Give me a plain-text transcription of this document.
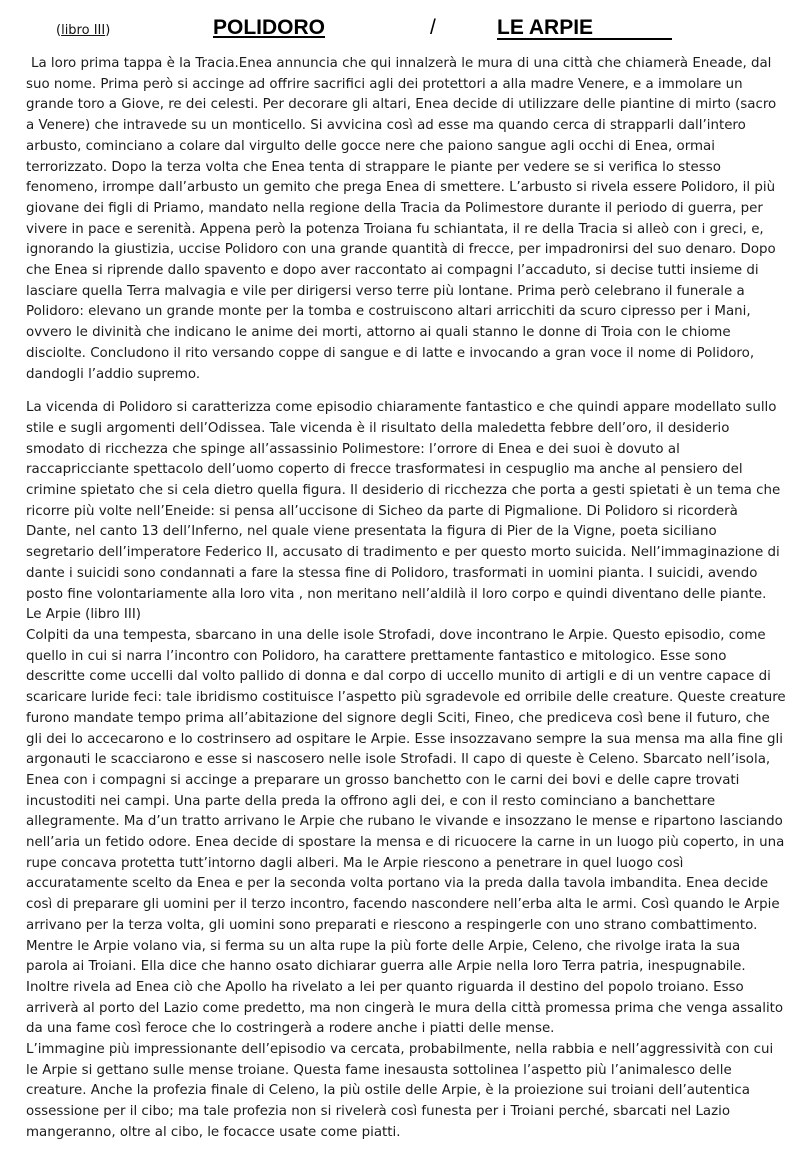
(libro III)	POLIDORO	/	LE ARPIE

La loro prima tappa è la Tracia.Enea annuncia che qui innalzerà le mura di una città che chiamerà Eneade, dal suo nome. Prima però si accinge ad offrire sacrifici agli dei protettori a alla madre Venere, e a immolare un grande toro a Giove, re dei celesti. Per decorare gli altari, Enea decide di utilizzare delle piantine di mirto (sacro a Venere) che intravede su un monticello. Si avvicina così ad esse ma quando cerca di strapparli dall’intero arbusto, cominciano a colare dal virgulto delle gocce nere che paiono sangue agli occhi di Enea, ormai terrorizzato. Dopo la terza volta che Enea tenta di strappare le piante per vedere se si verifica lo stesso fenomeno, irrompe dall’arbusto un gemito che prega Enea di smettere. L’arbusto si rivela essere Polidoro, il più giovane dei figli di Priamo, mandato nella regione della Tracia da Polimestore durante il periodo di guerra, per vivere in pace e serenità. Appena però la potenza Troiana fu schiantata, il re della Tracia si alleò con i greci, e, ignorando la giustizia, uccise Polidoro con una grande quantità di frecce, per impadronirsi del suo denaro. Dopo che Enea si riprende dallo spavento e dopo aver raccontato ai compagni l’accaduto, si decise tutti insieme di lasciare quella Terra malvagia e vile per dirigersi verso terre più lontane. Prima però celebrano il funerale a Polidoro: elevano un grande monte per la tomba e costruiscono altari arricchiti da scuro cipresso per i Mani, ovvero le divinità che indicano le anime dei morti, attorno ai quali stanno le donne di Troia con le chiome disciolte. Concludono il rito versando coppe di sangue e di latte e invocando a gran voce il nome di Polidoro, dandogli l’addio supremo.

La vicenda di Polidoro si caratterizza come episodio chiaramente fantastico e che quindi appare modellato sullo stile e sugli argomenti dell’Odissea. Tale vicenda è il risultato della maledetta febbre dell’oro, il desiderio smodato di ricchezza che spinge all’assassinio Polimestore: l’orrore di Enea e dei suoi è dovuto al raccapricciante spettacolo dell’uomo coperto di frecce trasformatesi in cespuglio ma anche al pensiero del crimine spietato che si cela dietro quella figura. Il desiderio di ricchezza che porta a gesti spietati è un tema che ricorre più volte nell’Eneide: si pensa all’uccisone di Sicheo da parte di Pigmalione. Di Polidoro si ricorderà Dante, nel canto 13 dell’Inferno, nel quale viene presentata la figura di Pier de la Vigne, poeta siciliano segretario dell’imperatore Federico II, accusato di tradimento e per questo morto suicida. Nell’immaginazione di dante i suicidi sono condannati a fare la stessa fine di Polidoro, trasformati in uomini pianta. I suicidi, avendo posto fine volontariamente alla loro vita , non meritano nell’aldilà il loro corpo e quindi diventano delle piante. Le Arpie (libro III)

Colpiti da una tempesta, sbarcano in una delle isole Strofadi, dove incontrano le Arpie. Questo episodio, come quello in cui si narra l’incontro con Polidoro, ha carattere prettamente fantastico e mitologico. Esse sono descritte come uccelli dal volto pallido di donna e dal corpo di uccello munito di artigli e di un ventre capace di scaricare luride feci: tale ibridismo costituisce l’aspetto più sgradevole ed orribile delle creature. Queste creature furono mandate tempo prima all’abitazione del signore degli Sciti, Fineo, che prediceva così bene il futuro, che gli dei lo accecarono e lo costrinsero ad ospitare le Arpie. Esse insozzavano sempre la sua mensa ma alla fine gli argonauti le scacciarono e esse si nascosero nelle isole Strofadi. Il capo di queste è Celeno. Sbarcato nell’isola, Enea con i compagni si accinge a preparare un grosso banchetto con le carni dei bovi e delle capre trovati incustoditi nei campi. Una parte della preda la offrono agli dei, e con il resto cominciano a banchettare allegramente. Ma d’un tratto arrivano le Arpie che rubano le vivande e insozzano le mense e ripartono lasciando nell’aria un fetido odore. Enea decide di spostare la mensa e di ricuocere la carne in un luogo più coperto, in una rupe concava protetta tutt’intorno dagli alberi. Ma le Arpie riescono a penetrare in quel luogo così accuratamente scelto da Enea e per la seconda volta portano via la preda dalla tavola imbandita. Enea decide così di preparare gli uomini per il terzo incontro, facendo nascondere nell’erba alta le armi. Così quando le Arpie arrivano per la terza volta, gli uomini sono preparati e riescono a respingerle con uno strano combattimento. Mentre le Arpie volano via, si ferma su un alta rupe la più forte delle Arpie, Celeno, che rivolge irata la sua parola ai Troiani. Ella dice che hanno osato dichiarar guerra alle Arpie nella loro Terra patria, inespugnabile. Inoltre rivela ad Enea ciò che Apollo ha rivelato a lei per quanto riguarda il destino del popolo troiano. Esso arriverà al porto del Lazio come predetto, ma non cingerà le mura della città promessa prima che venga assalito da una fame così feroce che lo costringerà a rodere anche i piatti delle mense.

L’immagine più impressionante dell’episodio va cercata, probabilmente, nella rabbia e nell’aggressività con cui le Arpie si gettano sulle mense troiane. Questa fame inesausta sottolinea l’aspetto più l’animalesco delle creature. Anche la profezia finale di Celeno, la più ostile delle Arpie, è la proiezione sui troiani dell’autentica ossessione per il cibo; ma tale profezia non si rivelerà così funesta per i Troiani perché, sbarcati nel Lazio mangeranno, oltre al cibo, le focacce usate come piatti.
